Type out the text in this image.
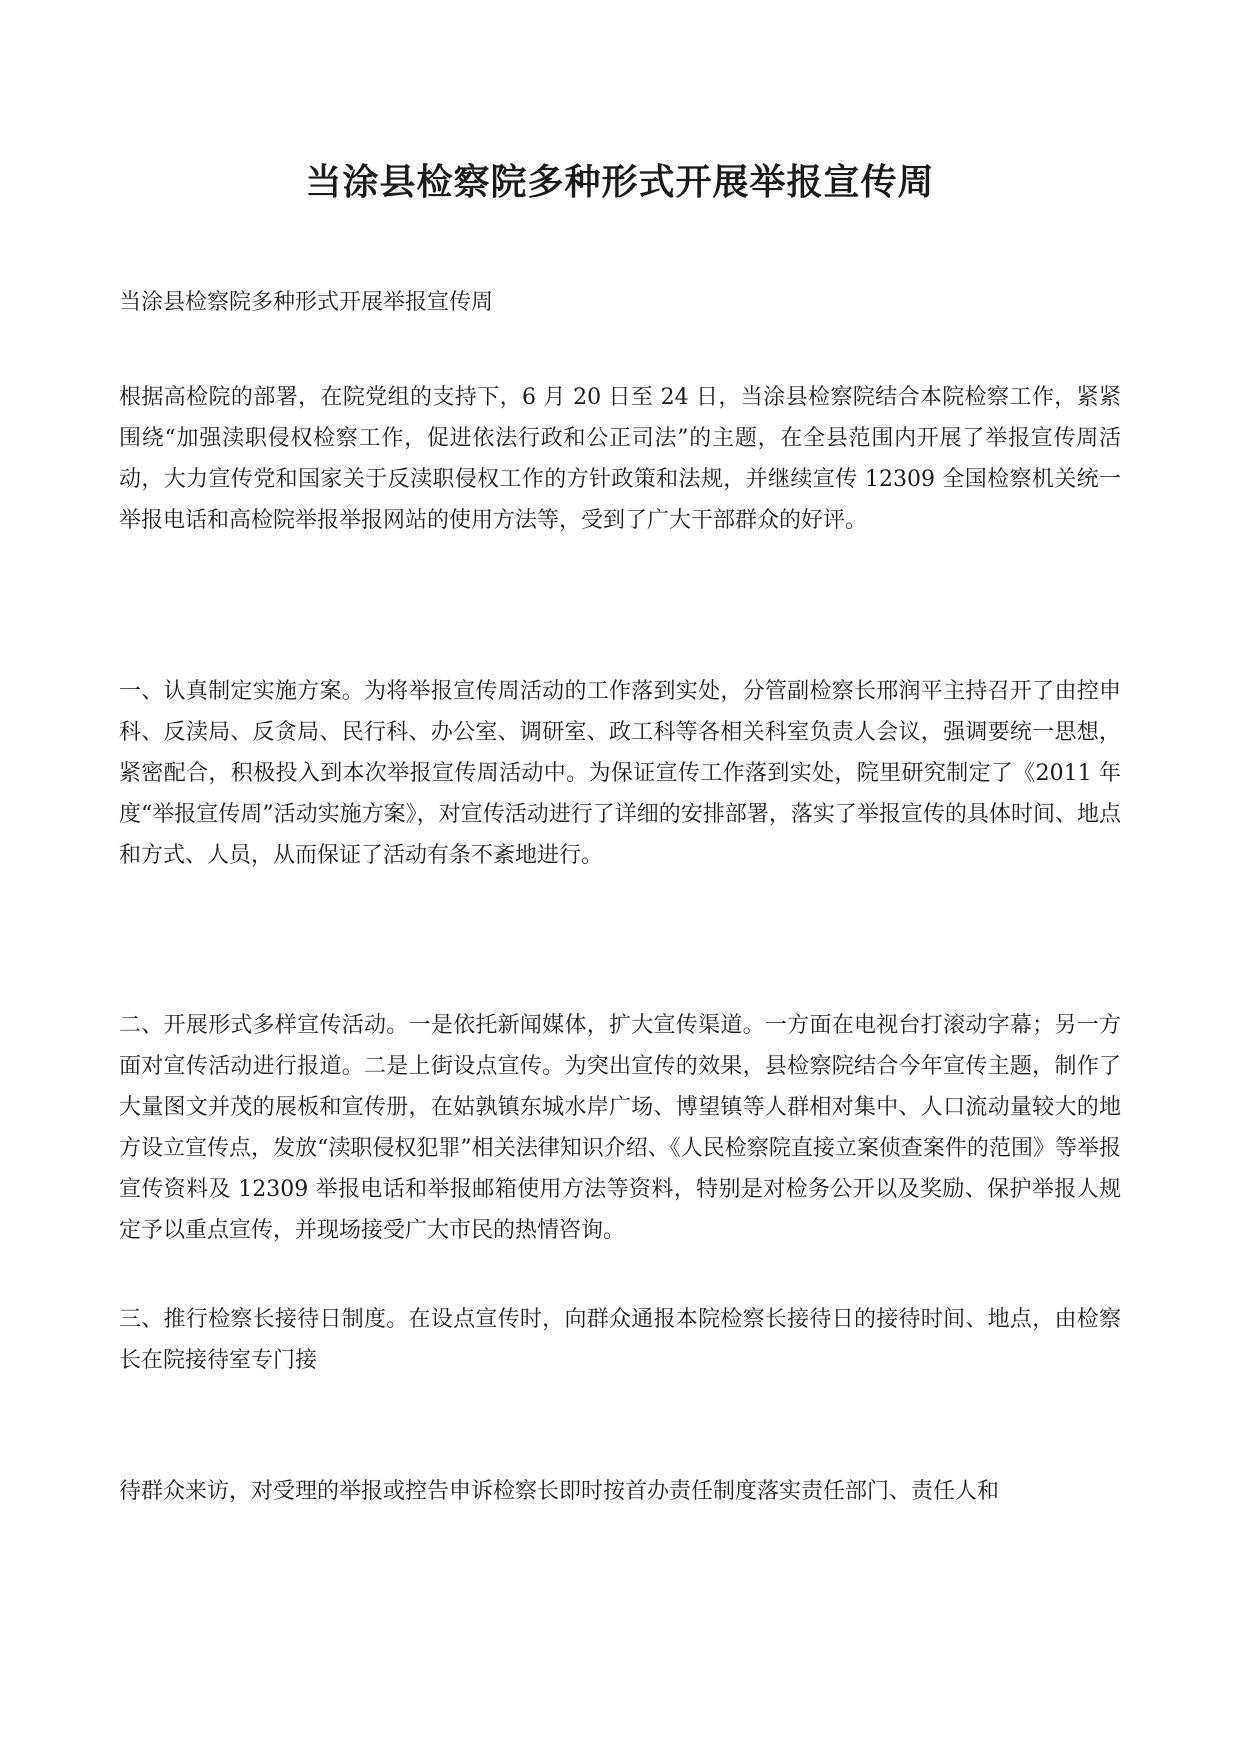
当涂县检察院多种形式开展举报宣传周

当涂县检察院多种形式开展举报宣传周

根据高检院的部署，在院党组的支持下，6 月 20 日至 24 日，当涂县检察院结合本院检察工作，紧紧围绕“加强渎职侵权检察工作，促进依法行政和公正司法”的主题，在全县范围内开展了举报宣传周活动，大力宣传党和国家关于反渎职侵权工作的方针政策和法规，并继续宣传 12309 全国检察机关统一举报电话和高检院举报举报网站的使用方法等，受到了广大干部群众的好评。

一、认真制定实施方案。为将举报宣传周活动的工作落到实处，分管副检察长邢润平主持召开了由控申科、反渎局、反贪局、民行科、办公室、调研室、政工科等各相关科室负责人会议，强调要统一思想，紧密配合，积极投入到本次举报宣传周活动中。为保证宣传工作落到实处，院里研究制定了《2011 年度“举报宣传周”活动实施方案》，对宣传活动进行了详细的安排部署，落实了举报宣传的具体时间、地点和方式、人员，从而保证了活动有条不紊地进行。

二、开展形式多样宣传活动。一是依托新闻媒体，扩大宣传渠道。一方面在电视台打滚动字幕；另一方面对宣传活动进行报道。二是上街设点宣传。为突出宣传的效果，县检察院结合今年宣传主题，制作了大量图文并茂的展板和宣传册，在姑孰镇东城水岸广场、博望镇等人群相对集中、人口流动量较大的地方设立宣传点，发放“渎职侵权犯罪”相关法律知识介绍、《人民检察院直接立案侦查案件的范围》等举报宣传资料及 12309 举报电话和举报邮箱使用方法等资料，特别是对检务公开以及奖励、保护举报人规定予以重点宣传，并现场接受广大市民的热情咨询。

三、推行检察长接待日制度。在设点宣传时，向群众通报本院检察长接待日的接待时间、地点，由检察长在院接待室专门接

待群众来访，对受理的举报或控告申诉检察长即时按首办责任制度落实责任部门、责任人和
